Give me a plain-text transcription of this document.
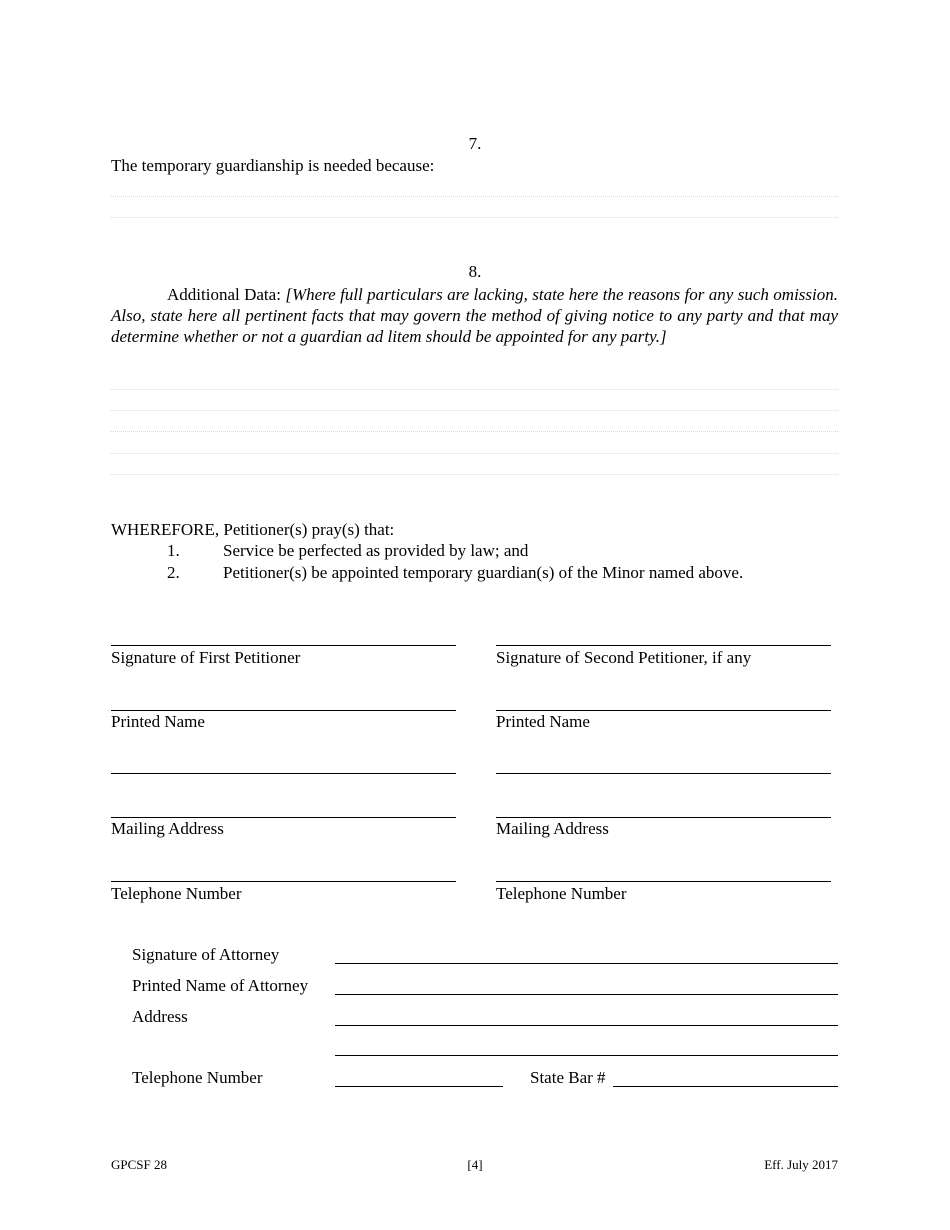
7.
The temporary guardianship is needed because:
8.
Additional Data: [Where full particulars are lacking, state here the reasons for any such omission. Also, state here all pertinent facts that may govern the method of giving notice to any party and that may determine whether or not a guardian ad litem should be appointed for any party.]
WHEREFORE, Petitioner(s) pray(s) that:
1.	Service be perfected as provided by law; and
2.	Petitioner(s) be appointed temporary guardian(s) of the Minor named above.
Signature of First Petitioner	Signature of Second Petitioner, if any
Printed Name	Printed Name
Mailing Address	Mailing Address
Telephone Number	Telephone Number
Signature of Attorney
Printed Name of Attorney
Address
Telephone Number	State Bar #
GPCSF 28	[4]	Eff. July 2017
